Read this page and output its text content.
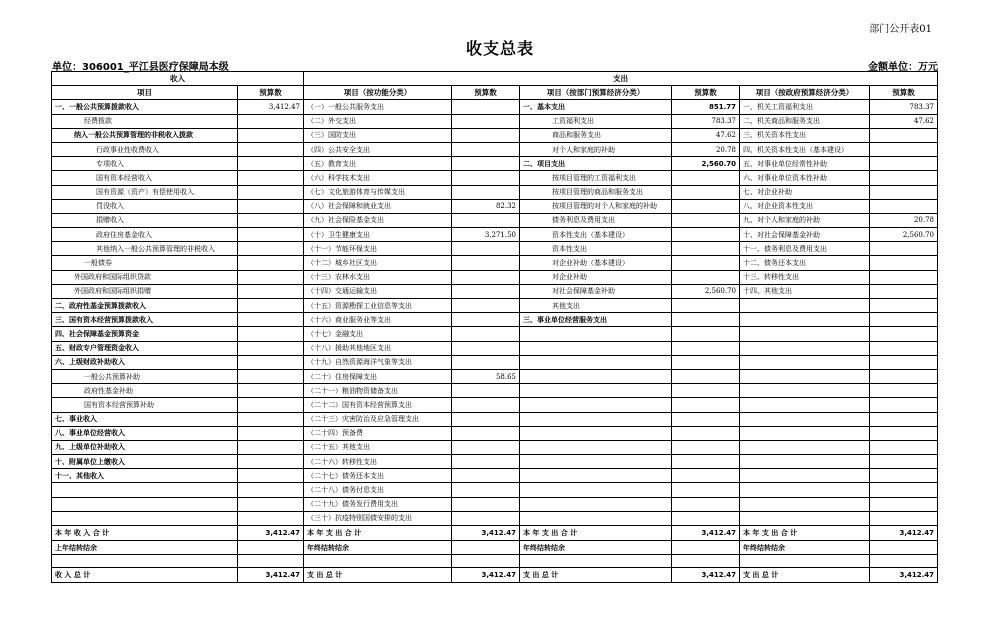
部门公开表01
收支总表
单位：306001_平江县医疗保障局本级	金额单位：万元
收入		支出					
项目	预算数	项目（按功能分类）	预算数	项目（按部门预算经济分类）	预算数	项目（按政府预算经济分类）	预算数
一、一般公共预算拨款收入	3,412.47	（一）一般公共服务支出		一、基本支出	851.77	一、机关工资福利支出	783.37
经费拨款		（二）外交支出		工资福利支出	783.37	二、机关商品和服务支出	47.62
纳入一般公共预算管理的非税收入拨款		（三）国防支出		商品和服务支出	47.62	三、机关资本性支出	
行政事业性收费收入		（四）公共安全支出		对个人和家庭的补助	20.78	四、机关资本性支出（基本建设）	
专项收入		（五）教育支出		二、项目支出	2,560.70	五、对事业单位经常性补助	
国有资本经营收入		（六）科学技术支出		按项目管理的工资福利支出		六、对事业单位资本性补助	
国有资源（资产）有偿使用收入		（七）文化旅游体育与传媒支出		按项目管理的商品和服务支出		七、对企业补助	
罚没收入		（八）社会保障和就业支出	82.32	按项目管理的对个人和家庭的补助		八、对企业资本性支出	
捐赠收入		（九）社会保险基金支出		债务利息及费用支出		九、对个人和家庭的补助	20.78
政府住房基金收入		（十）卫生健康支出	3,271.50	资本性支出（基本建设）		十、对社会保障基金补助	2,560.70
其他纳入一般公共预算管理的非税收入		（十一）节能环保支出		资本性支出		十一、债务利息及费用支出	
一般债券		（十二）城乡社区支出		对企业补助（基本建设）		十二、债务还本支出	
外国政府和国际组织贷款		（十三）农林水支出		对企业补助		十三、转移性支出	
外国政府和国际组织捐赠		（十四）交通运输支出		对社会保障基金补助	2,560.70	十四、其他支出	
二、政府性基金预算拨款收入		（十五）资源勘探工业信息等支出		其他支出			
三、国有资本经营预算拨款收入		（十六）商业服务业等支出		三、事业单位经营服务支出			
四、社会保障基金预算资金		（十七）金融支出					
五、财政专户管理资金收入		（十八）援助其他地区支出					
六、上级财政补助收入		（十九）自然资源海洋气象等支出					
一般公共预算补助		（二十）住房保障支出	58.65				
政府性基金补助		（二十一）粮油物资储备支出					
国有资本经营预算补助		（二十二）国有资本经营预算支出					
七、事业收入		（二十三）灾害防治及应急管理支出					
八、事业单位经营收入		（二十四）预备费					
九、上级单位补助收入		（二十五）其他支出					
十、附属单位上缴收入		（二十六）转移性支出					
十一、其他收入		（二十七）债务还本支出					
		（二十八）债务付息支出					
		（二十九）债务发行费用支出					
		（三十）抗疫特别国债安排的支出					
本 年 收 入 合 计	3,412.47	本 年 支 出 合 计	3,412.47	本 年 支 出 合 计	3,412.47	本 年 支 出 合 计	3,412.47
上年结转结余		年终结转结余		年终结转结余		年终结转结余	

收 入 总 计	3,412.47	支 出 总 计	3,412.47	支 出 总 计	3,412.47	支 出 总 计	3,412.47
